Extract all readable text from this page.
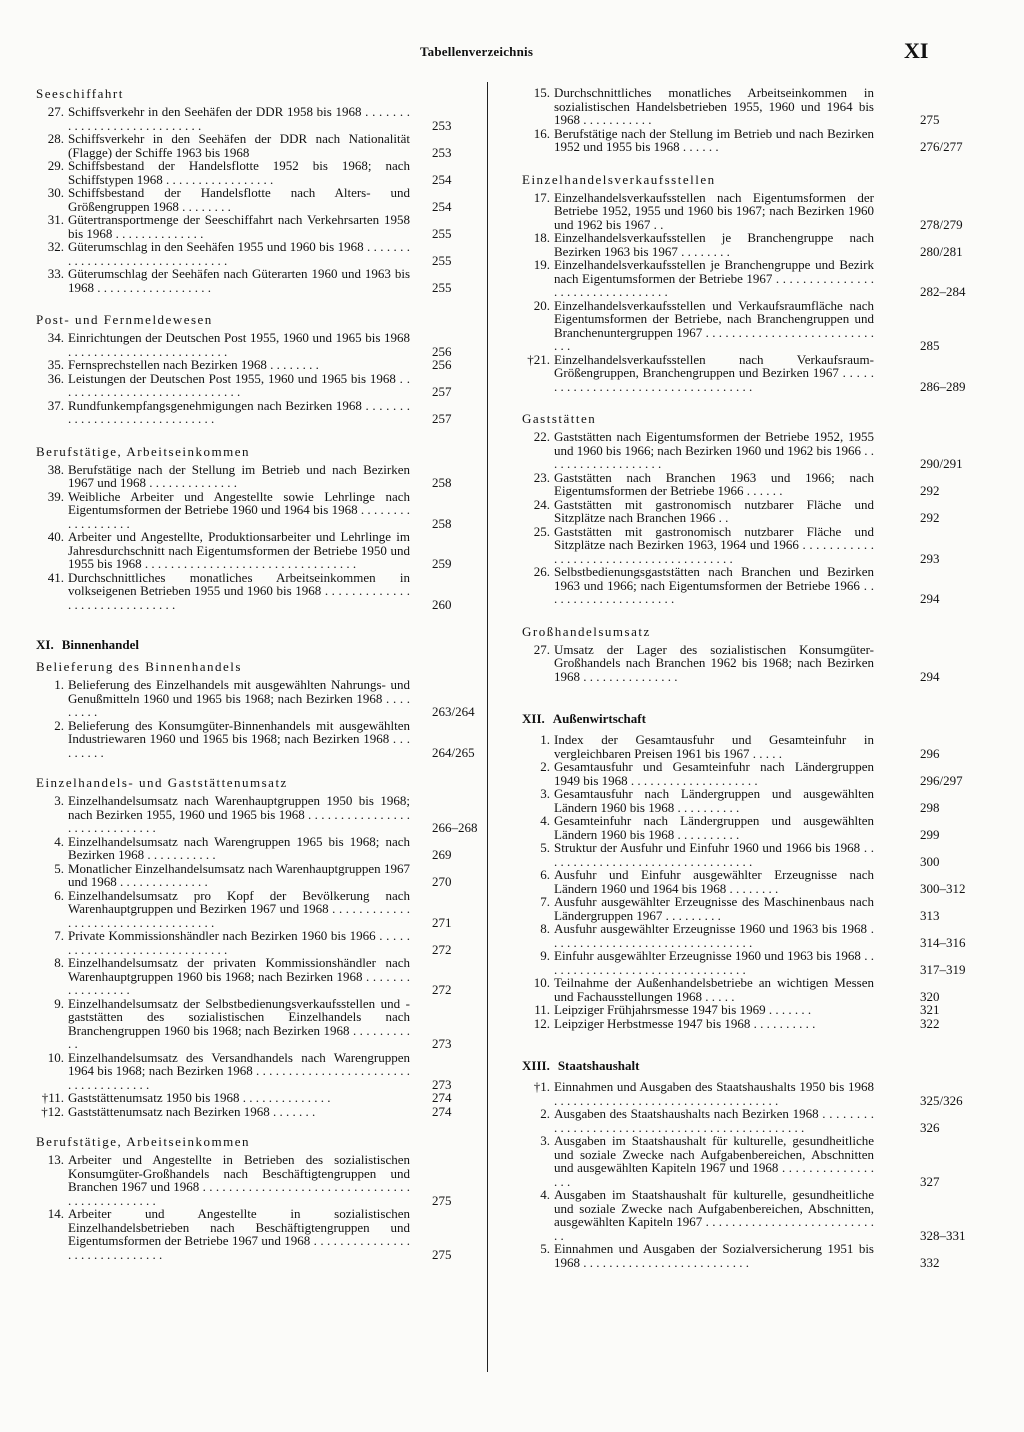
Tabellenverzeichnis	XI
Seeschiffahrt
27. Schiffsverkehr in den Seehäfen der DDR 1958 bis 1968 . . . . . . . . . . . . . . . . . . . . . . . . . . . .	253
28. Schiffsverkehr in den Seehäfen der DDR nach Nationalität (Flagge) der Schiffe 1963 bis 1968	253
29. Schiffsbestand der Handelsflotte 1952 bis 1968; nach Schiffstypen 1968 . . . . . . . . . . . . . . . . .	254
30. Schiffsbestand der Handelsflotte nach Alters- und Größengruppen 1968 . . . . . . . .	254
31. Gütertransportmenge der Seeschiffahrt nach Verkehrsarten 1958 bis 1968 . . . . . . . . . . . . . .	255
32. Güterumschlag in den Seehäfen 1955 und 1960 bis 1968 . . . . . . . . . . . . . . . . . . . . . . . . . . . . . . . .	255
33. Güterumschlag der Seehäfen nach Güterarten 1960 und 1963 bis 1968 . . . . . . . . . . . . . . . . . .	255
Post- und Fernmeldewesen
34. Einrichtungen der Deutschen Post 1955, 1960 und 1965 bis 1968 . . . . . . . . . . . . . . . . . . . . . . . . .	256
35. Fernsprechstellen nach Bezirken 1968 . . . . . . . .	256
36. Leistungen der Deutschen Post 1955, 1960 und 1965 bis 1968 . . . . . . . . . . . . . . . . . . . . . . . . . . . . .	257
37. Rundfunkempfangsgenehmigungen nach Bezirken 1968 . . . . . . . . . . . . . . . . . . . . . . . . . . . . . .	257
Berufstätige, Arbeitseinkommen
38. Berufstätige nach der Stellung im Betrieb und nach Bezirken 1967 und 1968 . . . . . . . . . . . . . .	258
39. Weibliche Arbeiter und Angestellte sowie Lehrlinge nach Eigentumsformen der Betriebe 1960 und 1964 bis 1968 . . . . . . . . . . . . . . . . . .	258
40. Arbeiter und Angestellte, Produktionsarbeiter und Lehrlinge im Jahresdurchschnitt nach Eigentumsformen der Betriebe 1950 und 1955 bis 1968 . . . . . . . . . . . . . . . . . . . . . . . . . . . . . . . . .	259
41. Durchschnittliches monatliches Arbeitseinkommen in volkseigenen Betrieben 1955 und 1960 bis 1968 . . . . . . . . . . . . . . . . . . . . . . . . . . . . . .	260
XI. Binnenhandel
Belieferung des Binnenhandels
1. Belieferung des Einzelhandels mit ausgewählten Nahrungs- und Genußmitteln 1960 und 1965 bis 1968; nach Bezirken 1968 . . . . . . . . .	263/264
2. Belieferung des Konsumgüter-Binnenhandels mit ausgewählten Industriewaren 1960 und 1965 bis 1968; nach Bezirken 1968 . . . . . . . . .	264/265
Einzelhandels- und Gaststättenumsatz
3. Einzelhandelsumsatz nach Warenhauptgruppen 1950 bis 1968; nach Bezirken 1955, 1960 und 1965 bis 1968 . . . . . . . . . . . . . . . . . . . . . . . . . . . . . .	266–268
4. Einzelhandelsumsatz nach Warengruppen 1965 bis 1968; nach Bezirken 1968 . . . . . . . . . . .	269
5. Monatlicher Einzelhandelsumsatz nach Warenhauptgruppen 1967 und 1968 . . . . . . . . . . . . . .	270
6. Einzelhandelsumsatz pro Kopf der Bevölkerung nach Warenhauptgruppen und Bezirken 1967 und 1968 . . . . . . . . . . . . . . . . . . . . . . . . . . . . . . . . . . .	271
7. Private Kommissionshändler nach Bezirken 1960 bis 1966 . . . . . . . . . . . . . . . . . . . . . . . . . . . . . .	272
8. Einzelhandelsumsatz der privaten Kommissionshändler nach Warenhauptgruppen 1960 bis 1968; nach Bezirken 1968 . . . . . . . . . . . . . . . . .	272
9. Einzelhandelsumsatz der Selbstbedienungsverkaufsstellen und -gaststätten des sozialistischen Einzelhandels nach Branchengruppen 1960 bis 1968; nach Bezirken 1968 . . . . . . . . . . .	273
10. Einzelhandelsumsatz des Versandhandels nach Warengruppen 1964 bis 1968; nach Bezirken 1968 . . . . . . . . . . . . . . . . . . . . . . . . . . . . . . . . . . . . .	273
†11. Gaststättenumsatz 1950 bis 1968 . . . . . . . . . . . . . .	274
†12. Gaststättenumsatz nach Bezirken 1968 . . . . . . .	274
Berufstätige, Arbeitseinkommen
13. Arbeiter und Angestellte in Betrieben des sozialistischen Konsumgüter-Großhandels nach Beschäftigtengruppen und Branchen 1967 und 1968 . . . . . . . . . . . . . . . . . . . . . . . . . . . . . . . . . . . . . . . . . . . . . .	275
14. Arbeiter und Angestellte in sozialistischen Einzelhandelsbetrieben nach Beschäftigtengruppen und Eigentumsformen der Betriebe 1967 und 1968 . . . . . . . . . . . . . . . . . . . . . . . . . . . . . .	275
15. Durchschnittliches monatliches Arbeitseinkommen in sozialistischen Handelsbetrieben 1955, 1960 und 1964 bis 1968 . . . . . . . . . . .	275
16. Berufstätige nach der Stellung im Betrieb und nach Bezirken 1952 und 1955 bis 1968 . . . . . .	276/277
Einzelhandelsverkaufsstellen
17. Einzelhandelsverkaufsstellen nach Eigentumsformen der Betriebe 1952, 1955 und 1960 bis 1967; nach Bezirken 1960 und 1962 bis 1967 . .	278/279
18. Einzelhandelsverkaufsstellen je Branchengruppe nach Bezirken 1963 bis 1967 . . . . . . . .	280/281
19. Einzelhandelsverkaufsstellen je Branchengruppe und Bezirk nach Eigentumsformen der Betriebe 1967 . . . . . . . . . . . . . . . . . . . . . . . . . . . . . . . . .	282–284
20. Einzelhandelsverkaufsstellen und Verkaufsraumfläche nach Eigentumsformen der Betriebe, nach Branchengruppen und Branchenuntergruppen 1967 . . . . . . . . . . . . . . . . . . . . . . . . . . . . .	285
†21. Einzelhandelsverkaufsstellen nach Verkaufsraum-Größengruppen, Branchengruppen und Bezirken 1967 . . . . . . . . . . . . . . . . . . . . . . . . . . . . . . . . . . . .	286–289
Gaststätten
22. Gaststätten nach Eigentumsformen der Betriebe 1952, 1955 und 1960 bis 1966; nach Bezirken 1960 und 1962 bis 1966 . . . . . . . . . . . . . . . . . . .	290/291
23. Gaststätten nach Branchen 1963 und 1966; nach Eigentumsformen der Betriebe 1966 . . . . . .	292
24. Gaststätten mit gastronomisch nutzbarer Fläche und Sitzplätze nach Branchen 1966 . .	292
25. Gaststätten mit gastronomisch nutzbarer Fläche und Sitzplätze nach Bezirken 1963, 1964 und 1966 . . . . . . . . . . . . . . . . . . . . . . . . . . . . . . . . . . . . . . .	293
26. Selbstbedienungsgaststätten nach Branchen und Bezirken 1963 und 1966; nach Eigentumsformen der Betriebe 1966 . . . . . . . . . . . . . . . . . . . . .	294
Großhandelsumsatz
27. Umsatz der Lager des sozialistischen Konsumgüter-Großhandels nach Branchen 1962 bis 1968; nach Bezirken 1968 . . . . . . . . . . . . . . .	294
XII. Außenwirtschaft
1. Index der Gesamtausfuhr und Gesamteinfuhr in vergleichbaren Preisen 1961 bis 1967 . . . . .	296
2. Gesamtausfuhr und Gesamteinfuhr nach Ländergruppen 1949 bis 1968 . . . . . . . . . . . . . . . . . . . .	296/297
3. Gesamtausfuhr nach Ländergruppen und ausgewählten Ländern 1960 bis 1968 . . . . . . . . . .	298
4. Gesamteinfuhr nach Ländergruppen und ausgewählten Ländern 1960 bis 1968 . . . . . . . . . .	299
5. Struktur der Ausfuhr und Einfuhr 1960 und 1966 bis 1968 . . . . . . . . . . . . . . . . . . . . . . . . . . . . . . . . .	300
6. Ausfuhr und Einfuhr ausgewählter Erzeugnisse nach Ländern 1960 und 1964 bis 1968 . . . . . . . .	300–312
7. Ausfuhr ausgewählter Erzeugnisse des Maschinenbaus nach Ländergruppen 1967 . . . . . . . . .	313
8. Ausfuhr ausgewählter Erzeugnisse 1960 und 1963 bis 1968 . . . . . . . . . . . . . . . . . . . . . . . . . . . . . . . .	314–316
9. Einfuhr ausgewählter Erzeugnisse 1960 und 1963 bis 1968 . . . . . . . . . . . . . . . . . . . . . . . . . . . . . . . .	317–319
10. Teilnahme der Außenhandelsbetriebe an wichtigen Messen und Fachausstellungen 1968 . . . . .	320
11. Leipziger Frühjahrsmesse 1947 bis 1969 . . . . . . .	321
12. Leipziger Herbstmesse 1947 bis 1968 . . . . . . . . . .	322
XIII. Staatshaushalt
†1. Einnahmen und Ausgaben des Staatshaushalts 1950 bis 1968 . . . . . . . . . . . . . . . . . . . . . . . . . . . . . . . . . . .	325/326
2. Ausgaben des Staatshaushalts nach Bezirken 1968 . . . . . . . . . . . . . . . . . . . . . . . . . . . . . . . . . . . . . . . . . . . . . . .	326
3. Ausgaben im Staatshaushalt für kulturelle, gesundheitliche und soziale Zwecke nach Aufgabenbereichen, Abschnitten und ausgewählten Kapiteln 1967 und 1968 . . . . . . . . . . . . . . . . .	327
4. Ausgaben im Staatshaushalt für kulturelle, gesundheitliche und soziale Zwecke nach Aufgabenbereichen, Abschnitten, ausgewählten Kapiteln 1967 . . . . . . . . . . . . . . . . . . . . . . . . . . . .	328–331
5. Einnahmen und Ausgaben der Sozialversicherung 1951 bis 1968 . . . . . . . . . . . . . . . . . . . . . . . . . .	332
